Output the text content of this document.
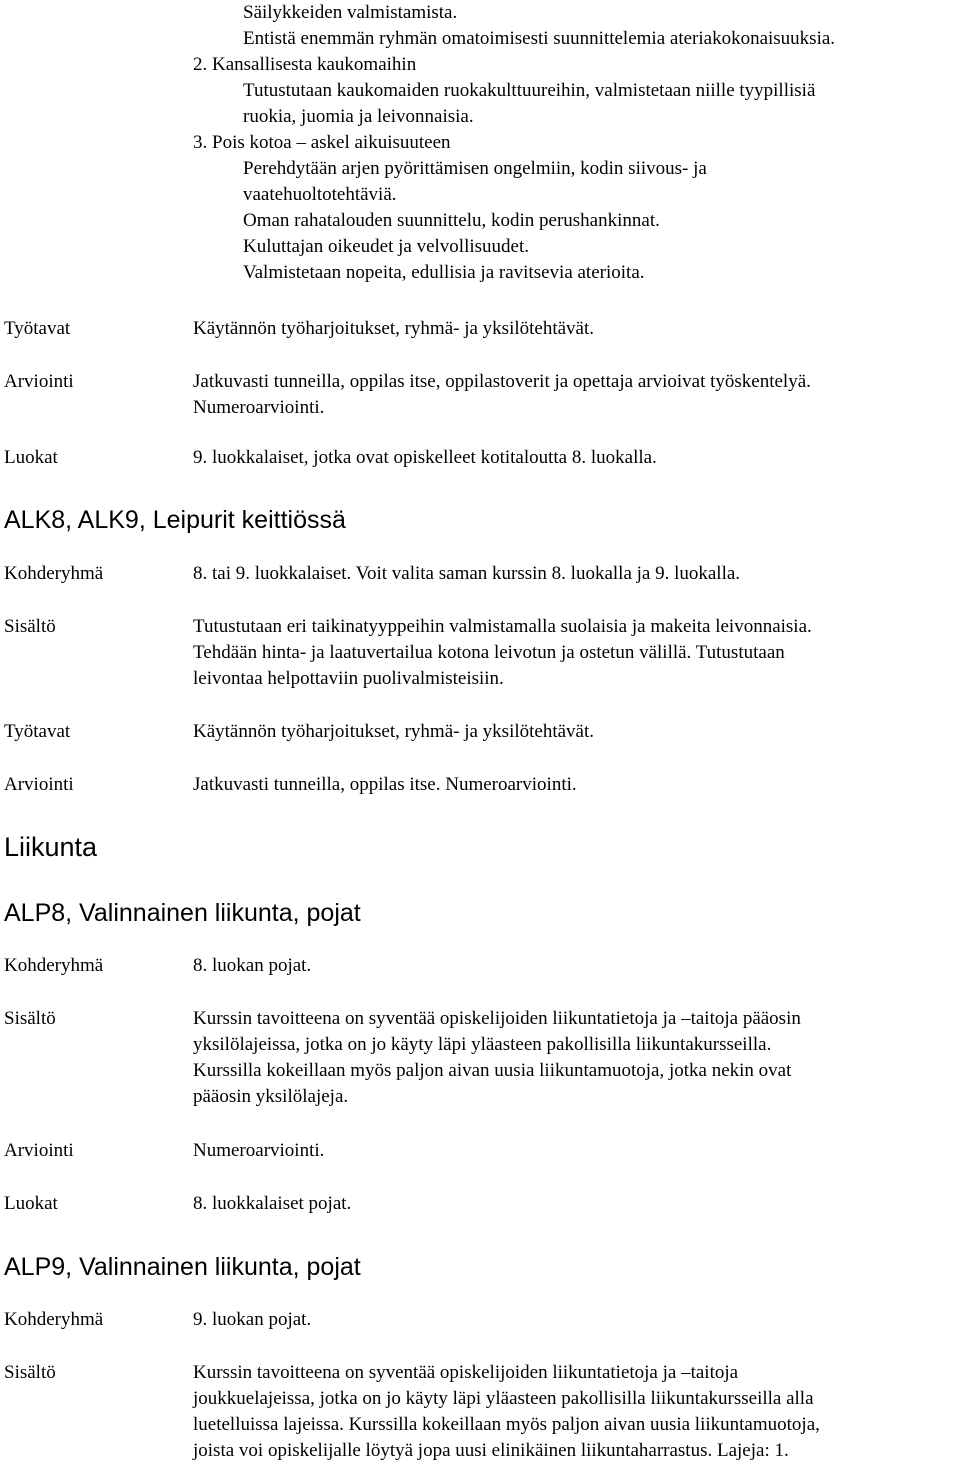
Säilykkeiden valmistamista.
Entistä enemmän ryhmän omatoimisesti suunnittelemia ateriakokonaisuuksia.
2. Kansallisesta kaukomaihin
Tutustutaan kaukomaiden ruokakulttuureihin, valmistetaan niille tyypillisiä
ruokia, juomia ja leivonnaisia.
3. Pois kotoa – askel aikuisuuteen
Perehdytään arjen pyörittämisen ongelmiin, kodin siivous- ja
vaatehuoltotehtäviä.
Oman rahatalouden suunnittelu, kodin perushankinnat.
Kuluttajan oikeudet ja velvollisuudet.
Valmistetaan nopeita, edullisia ja ravitsevia aterioita.
Työtavat	Käytännön työharjoitukset, ryhmä- ja yksilötehtävät.
Arviointi	Jatkuvasti tunneilla, oppilas itse, oppilastoverit ja opettaja arvioivat työskentelyä.
Numeroarviointi.
Luokat	9. luokkalaiset, jotka ovat opiskelleet kotitaloutta 8. luokalla.
ALK8, ALK9, Leipurit keittiössä
Kohderyhmä	8. tai 9. luokkalaiset. Voit valita saman kurssin 8. luokalla ja 9. luokalla.
Sisältö	Tutustutaan eri taikinatyyppeihin valmistamalla suolaisia ja makeita leivonnaisia.
Tehdään hinta- ja laatuvertailua kotona leivotun ja ostetun välillä. Tutustutaan
leivontaa helpottaviin puolivalmisteisiin.
Työtavat	Käytännön työharjoitukset, ryhmä- ja yksilötehtävät.
Arviointi	Jatkuvasti tunneilla, oppilas itse. Numeroarviointi.
Liikunta
ALP8, Valinnainen liikunta, pojat
Kohderyhmä	8. luokan pojat.
Sisältö	Kurssin tavoitteena on syventää opiskelijoiden liikuntatietoja ja –taitoja pääosin
yksilölajeissa, jotka on jo käyty läpi yläasteen pakollisilla liikuntakursseilla.
Kurssilla kokeillaan myös paljon aivan uusia liikuntamuotoja, jotka nekin ovat
pääosin yksilölajeja.
Arviointi	Numeroarviointi.
Luokat	8. luokkalaiset pojat.
ALP9, Valinnainen liikunta, pojat
Kohderyhmä	9. luokan pojat.
Sisältö	Kurssin tavoitteena on syventää opiskelijoiden liikuntatietoja ja –taitoja
joukkuelajeissa, jotka on jo käyty läpi yläasteen pakollisilla liikuntakursseilla alla
luetelluissa lajeissa. Kurssilla kokeillaan myös paljon aivan uusia liikuntamuotoja,
joista voi opiskelijalle löytyä jopa uusi elinikäinen liikuntaharrastus. Lajeja: 1.
